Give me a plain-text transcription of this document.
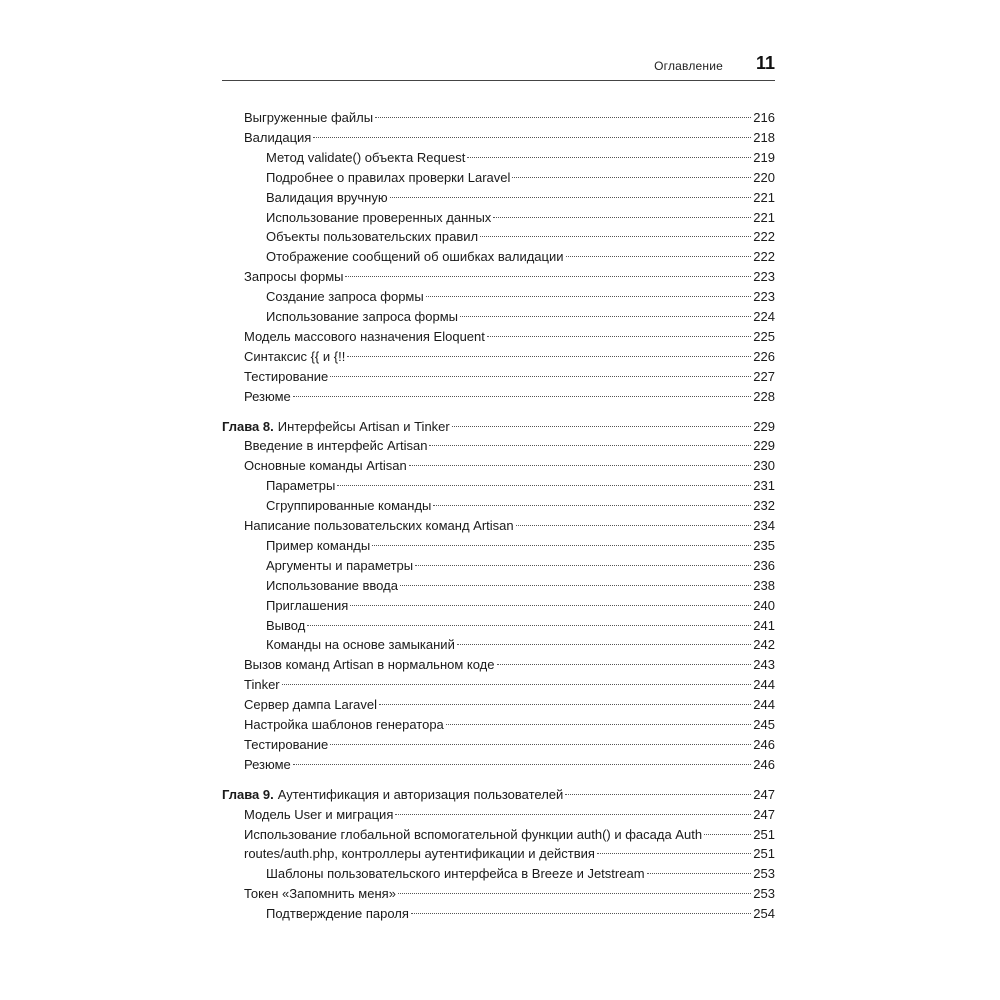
Оглавление 11
Выгруженные файлы	216
Валидация	218
Метод validate() объекта Request	219
Подробнее о правилах проверки Laravel	220
Валидация вручную	221
Использование проверенных данных	221
Объекты пользовательских правил	222
Отображение сообщений об ошибках валидации	222
Запросы формы	223
Создание запроса формы	223
Использование запроса формы	224
Модель массового назначения Eloquent	225
Синтаксис {{ и {!!	226
Тестирование	227
Резюме	228
Глава 8. Интерфейсы Artisan и Tinker	229
Введение в интерфейс Artisan	229
Основные команды Artisan	230
Параметры	231
Сгруппированные команды	232
Написание пользовательских команд Artisan	234
Пример команды	235
Аргументы и параметры	236
Использование ввода	238
Приглашения	240
Вывод	241
Команды на основе замыканий	242
Вызов команд Artisan в нормальном коде	243
Tinker	244
Сервер дампа Laravel	244
Настройка шаблонов генератора	245
Тестирование	246
Резюме	246
Глава 9. Аутентификация и авторизация пользователей	247
Модель User и миграция	247
Использование глобальной вспомогательной функции auth() и фасада Auth	251
routes/auth.php, контроллеры аутентификации и действия	251
Шаблоны пользовательского интерфейса в Breeze и Jetstream	253
Токен «Запомнить меня»	253
Подтверждение пароля	254
